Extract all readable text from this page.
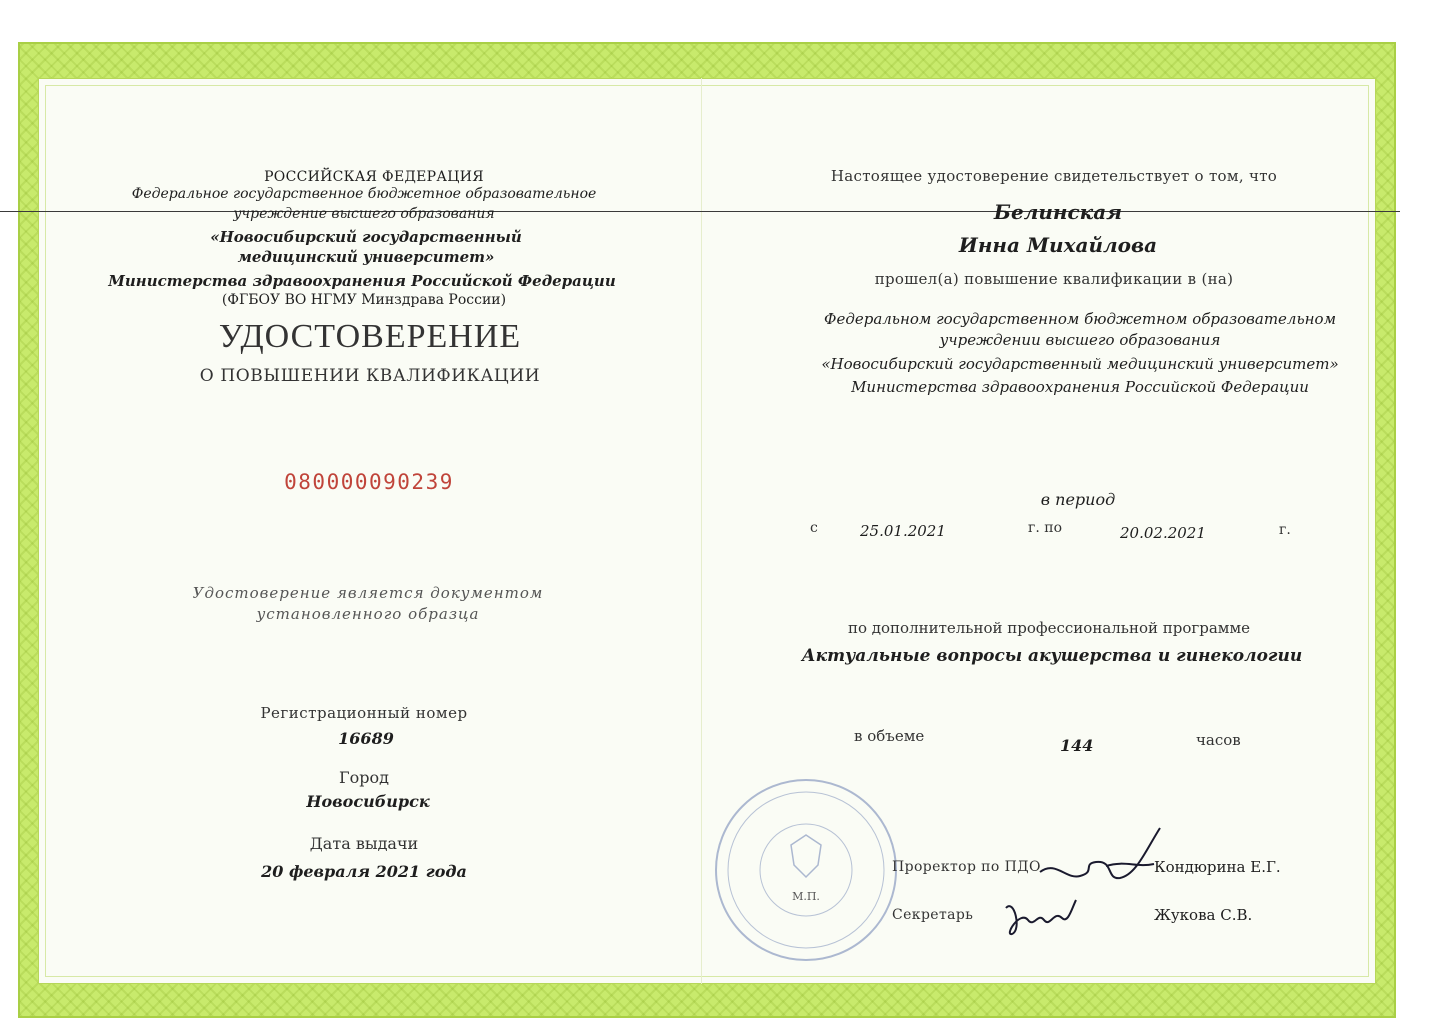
РОССИЙСКАЯ ФЕДЕРАЦИЯ
Федеральное государственное бюджетное образовательное
учреждение высшего образования
«Новосибирский государственный
медицинский университет»
Министерства здравоохранения Российской Федерации
(ФГБОУ ВО НГМУ Минздрава России)
УДОСТОВЕРЕНИЕ
О ПОВЫШЕНИИ КВАЛИФИКАЦИИ
080000090239
Удостоверение является документом
установленного образца
Регистрационный номер
16689
Город
Новосибирск
Дата выдачи
20 февраля 2021 года
Настоящее удостоверение свидетельствует о том, что
Белинская
Инна Михайлова
прошел(а) повышение квалификации в (на)
Федеральном государственном бюджетном образовательном
учреждении высшего образования
«Новосибирский государственный медицинский университет»
Министерства здравоохранения Российской Федерации
в период
с	25.01.2021	г. по	20.02.2021	г.
по дополнительной профессиональной программе
Актуальные вопросы акушерства и гинекологии
в объеме	144	часов
М.П.
Проректор по ПДО	Кондюрина Е.Г.
Секретарь	Жукова С.В.
